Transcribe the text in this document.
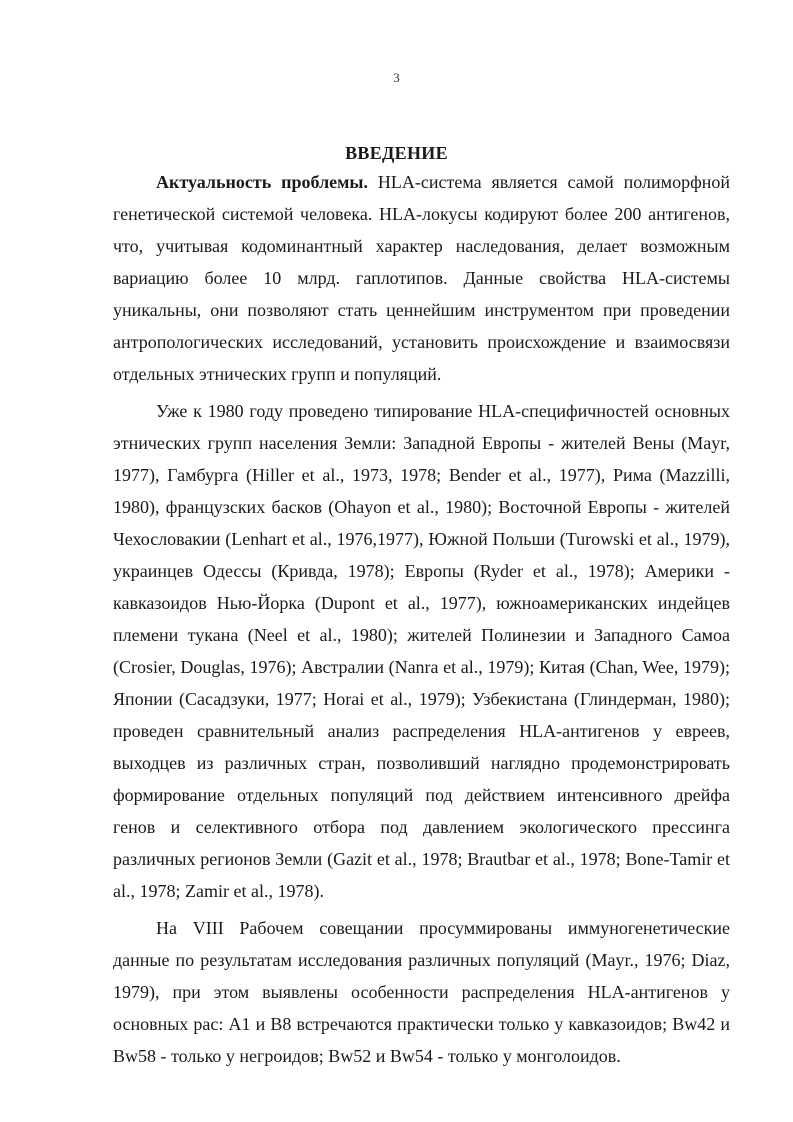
3
ВВЕДЕНИЕ

Актуальность проблемы. HLA-система является самой полиморфной генетической системой человека. HLA-локусы кодируют более 200 антигенов, что, учитывая кодоминантный характер наследования, делает возможным вариацию более 10 млрд. гаплотипов. Данные свойства HLA-системы уникальны, они позволяют стать ценнейшим инструментом при проведении антропологических исследований, установить происхождение и взаимосвязи отдельных этнических групп и популяций.

Уже к 1980 году проведено типирование HLA-специфичностей основных этнических групп населения Земли: Западной Европы - жителей Вены (Mayr, 1977), Гамбурга (Hiller et al., 1973, 1978; Bender et al., 1977), Рима (Mazzilli, 1980), французских басков (Ohayon et al., 1980); Восточной Европы - жителей Чехословакии (Lenhart et al., 1976,1977), Южной Польши (Turowski et al., 1979), украинцев Одессы (Кривда, 1978); Европы (Ryder et al., 1978); Америки - кавказоидов Нью-Йорка (Dupont et al., 1977), южноамериканских индейцев племени тукана (Neel et al., 1980); жителей Полинезии и Западного Самоа (Crosier, Douglas, 1976); Австралии (Nanra et al., 1979); Китая (Chan, Wee, 1979); Японии (Сасадзуки, 1977; Horai et al., 1979); Узбекистана (Глиндерман, 1980); проведен сравнительный анализ распределения HLA-антигенов у евреев, выходцев из различных стран, позволивший наглядно продемонстрировать формирование отдельных популяций под действием интенсивного дрейфа генов и селективного отбора под давлением экологического прессинга различных регионов Земли (Gazit et al., 1978; Brautbar et al., 1978; Bone-Tamir et al., 1978; Zamir et al., 1978).

На VIII Рабочем совещании просуммированы иммуногенетические данные по результатам исследования различных популяций (Mayr., 1976; Diaz, 1979), при этом выявлены особенности распределения HLA-антигенов у основных рас: A1 и B8 встречаются практически только у кавказоидов; Bw42 и Bw58 - только у негроидов; Bw52 и Bw54 - только у монголоидов.
